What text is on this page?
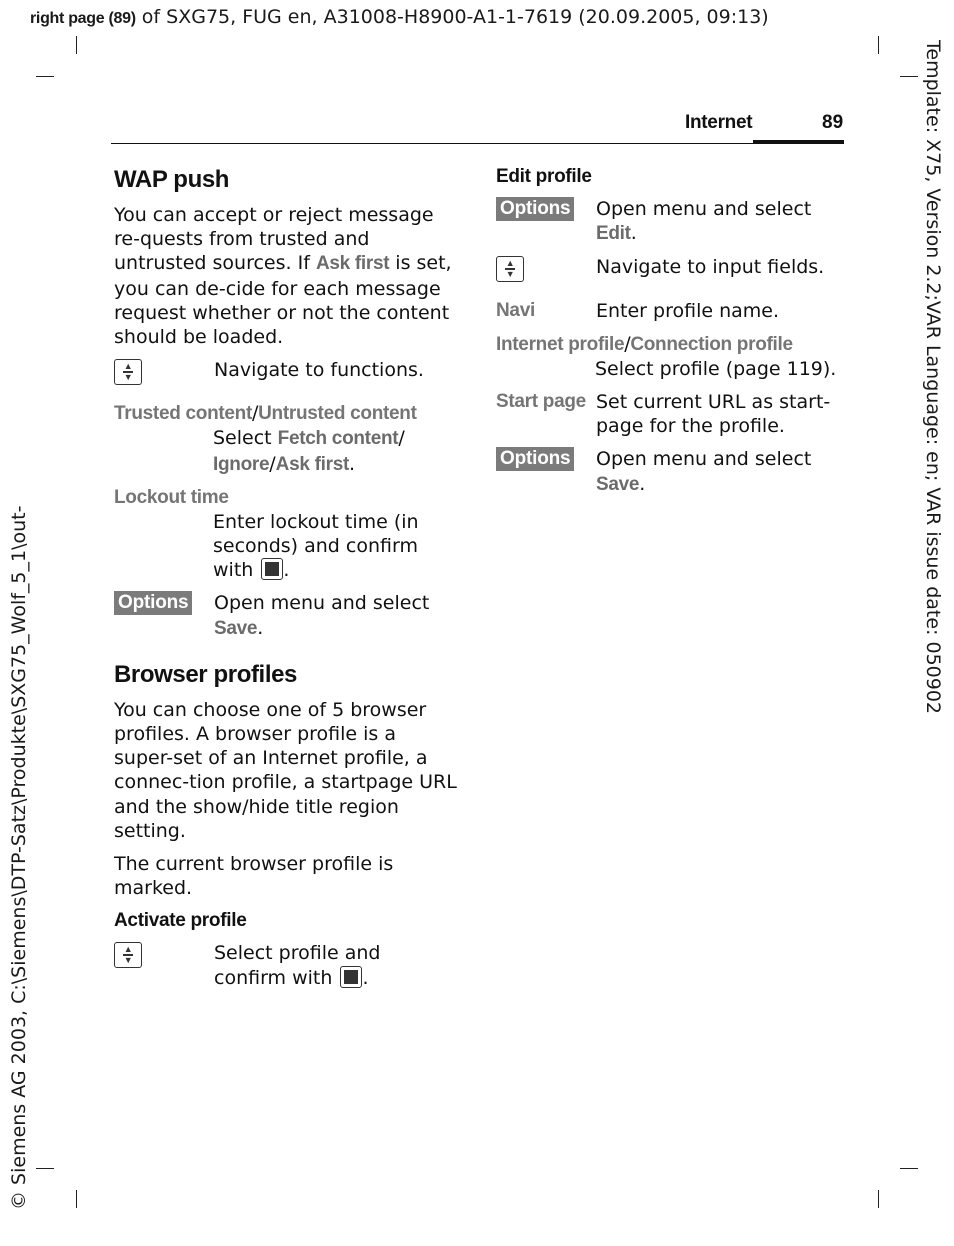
right page (89) of SXG75, FUG en, A31008-H8900-A1-1-7619 (20.09.2005, 09:13)
Template: X75, Version 2.2;VAR Language: en; VAR issue date: 050902
© Siemens AG 2003, C:\Siemens\DTP-Satz\Produkte\SXG75_Wolf_5_1\out-
Internet	89
WAP push

You can accept or reject message re-quests from trusted and untrusted sources. If Ask first is set, you can de-cide for each message request whether or not the content should be loaded.

▲
▼	Navigate to functions.
Trusted content/Untrusted content
Select Fetch content/
Ignore/Ask first.
Lockout time
Enter lockout time (in seconds) and confirm with .
Options Open menu and select Save.
Browser profiles

You can choose one of 5 browser profiles. A browser profile is a super-set of an Internet profile, a connec-tion profile, a startpage URL and the show/hide title region setting.

The current browser profile is marked.

Activate profile
▲
▼	Select profile and confirm with .
Edit profile
Options Open menu and select Edit.
▲
▼	Navigate to input fields.
Navi	Enter profile name.
Internet profile/Connection profile
Select profile (page 119).
Start page Set current URL as start-page for the profile.
Options Open menu and select Save.
